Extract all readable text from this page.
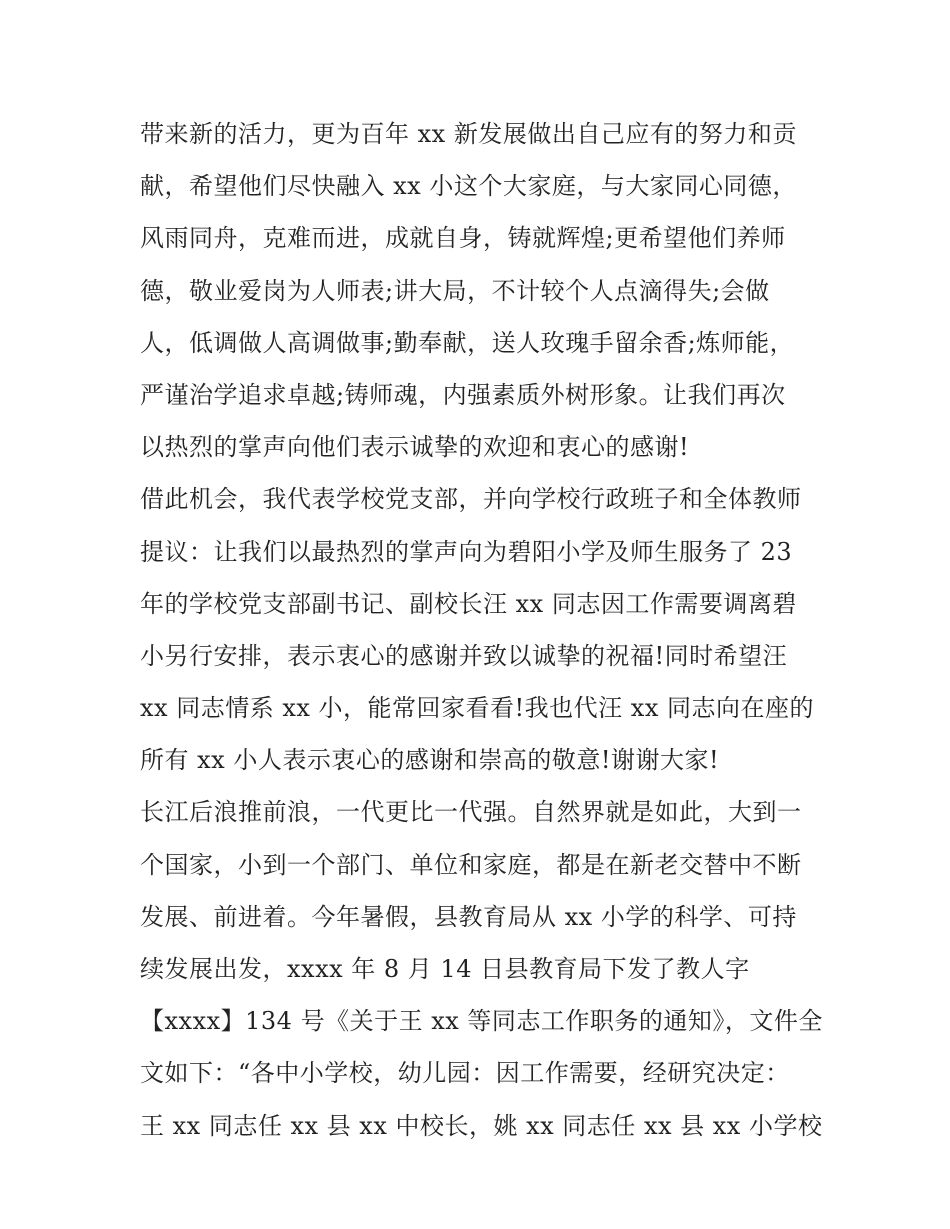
带来新的活力，更为百年 xx 新发展做出自己应有的努力和贡
献，希望他们尽快融入 xx 小这个大家庭，与大家同心同德，
风雨同舟，克难而进，成就自身，铸就辉煌;更希望他们养师
德，敬业爱岗为人师表;讲大局，不计较个人点滴得失;会做
人，低调做人高调做事;勤奉献，送人玫瑰手留余香;炼师能，
严谨治学追求卓越;铸师魂，内强素质外树形象。让我们再次
以热烈的掌声向他们表示诚挚的欢迎和衷心的感谢!
借此机会，我代表学校党支部，并向学校行政班子和全体教师
提议：让我们以最热烈的掌声向为碧阳小学及师生服务了 23
年的学校党支部副书记、副校长汪 xx 同志因工作需要调离碧
小另行安排，表示衷心的感谢并致以诚挚的祝福!同时希望汪
xx 同志情系 xx 小，能常回家看看!我也代汪 xx 同志向在座的
所有 xx 小人表示衷心的感谢和崇高的敬意!谢谢大家!
长江后浪推前浪，一代更比一代强。自然界就是如此，大到一
个国家，小到一个部门、单位和家庭，都是在新老交替中不断
发展、前进着。今年暑假，县教育局从 xx 小学的科学、可持
续发展出发，xxxx 年 8 月 14 日县教育局下发了教人字
【xxxx】134 号《关于王 xx 等同志工作职务的通知》，文件全
文如下：“各中小学校，幼儿园：因工作需要，经研究决定：
王 xx 同志任 xx 县 xx 中校长，姚 xx 同志任 xx 县 xx 小学校
